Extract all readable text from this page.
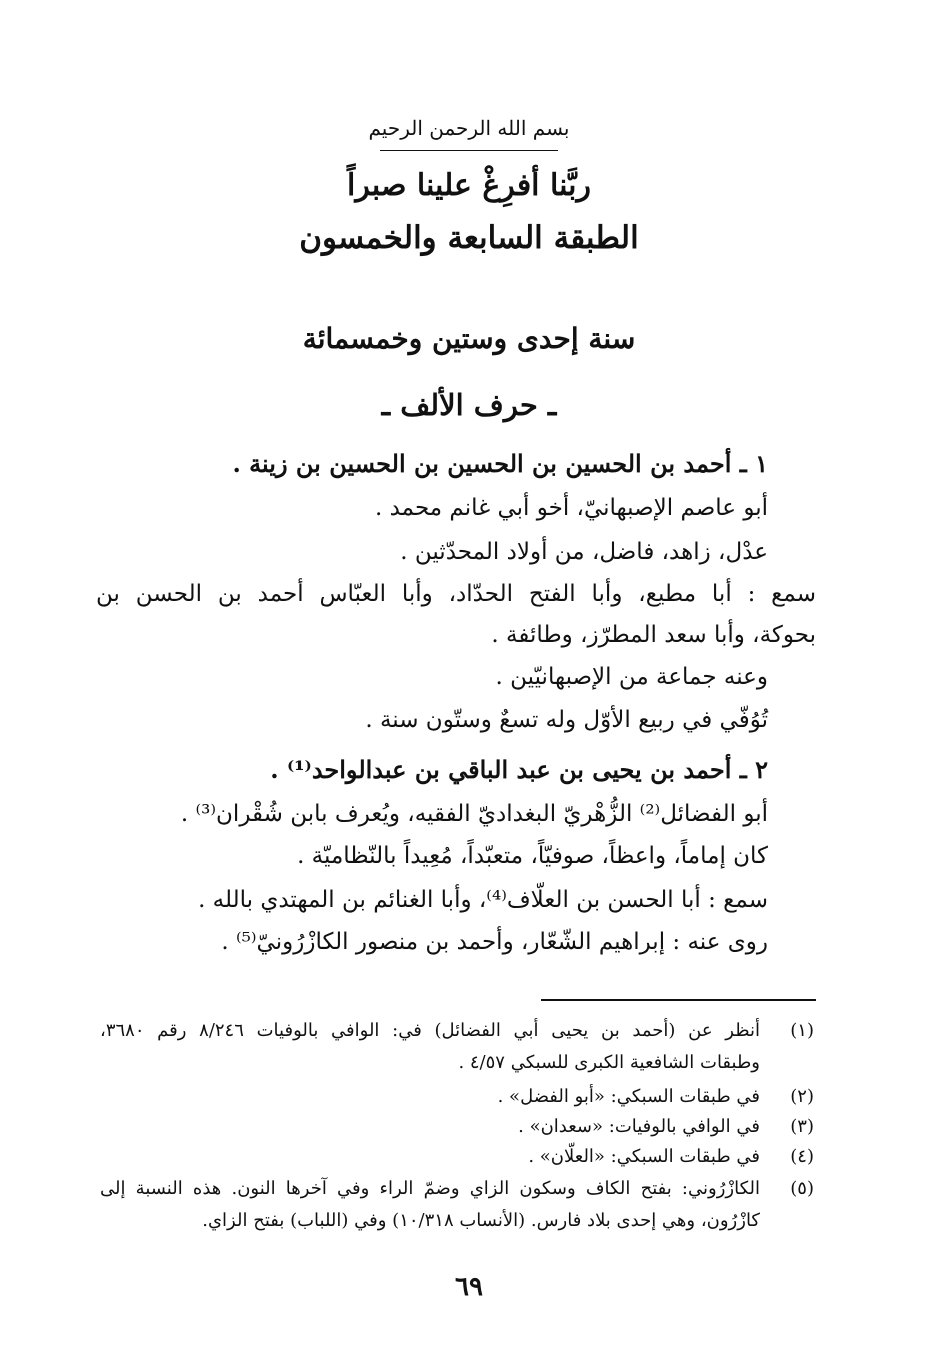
بسم الله الرحمن الرحيم
ربَّنا أفرِغْ علينا صبراً
الطبقة السابعة والخمسون
سنة إحدى وستين وخمسمائة
ـ حرف الألف ـ
١ ـ أحمد بن الحسين بن الحسين بن الحسين بن زينة .
أبو عاصم الإصبهانيّ، أخو أبي غانم محمد .
عدْل، زاهد، فاضل، من أولاد المحدّثين .
سمع : أبا مطيع، وأبا الفتح الحدّاد، وأبا العبّاس أحمد بن الحسن بن
بحوكة، وأبا سعد المطرّز، وطائفة .
وعنه جماعة من الإصبهانيّين .
تُوُفّي في ربيع الأوّل وله تسعٌ وستّون سنة .
٢ ـ أحمد بن يحيى بن عبد الباقي بن عبدالواحد⁽¹⁾ .
أبو الفضائل⁽²⁾ الزُّهْريّ البغداديّ الفقيه، ويُعرف بابن شُقْران⁽³⁾ .
كان إماماً، واعظاً، صوفيّاً، متعبّداً، مُعِيداً بالنّظاميّة .
سمع : أبا الحسن بن العلّاف⁽⁴⁾، وأبا الغنائم بن المهتدي بالله .
روى عنه : إبراهيم الشّعّار، وأحمد بن منصور الكازْرُونيّ⁽⁵⁾ .
(١)
أنظر عن (أحمد بن يحيى أبي الفضائل) في: الوافي بالوفيات ٨/٢٤٦ رقم ٣٦٨٠،
وطبقات الشافعية الكبرى للسبكي ٤/٥٧ .
(٢)
في طبقات السبكي: «أبو الفضل» .
(٣)
في الوافي بالوفيات: «سعدان» .
(٤)
في طبقات السبكي: «العلّان» .
(٥)
الكازْرُوني: بفتح الكاف وسكون الزاي وضمّ الراء وفي آخرها النون. هذه النسبة إلى
كازْرُون، وهي إحدى بلاد فارس. (الأنساب ١٠/٣١٨) وفي (اللباب) بفتح الزاي.
٦٩
